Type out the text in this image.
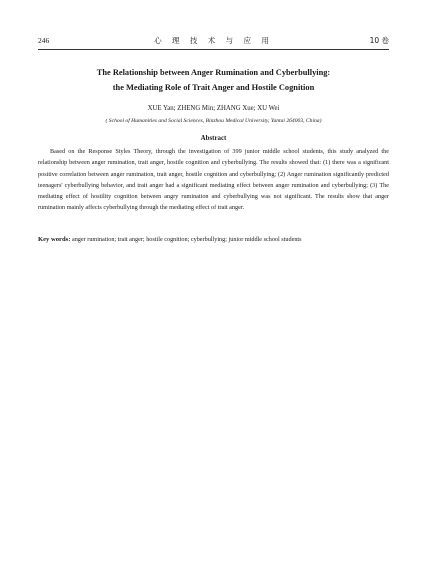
246	心 理 技 术 与 应 用	10 卷
The Relationship between Anger Rumination and Cyberbullying:
the Mediating Role of Trait Anger and Hostile Cognition
XUE Yan; ZHENG Min; ZHANG Xue; XU Wei
( School of Humanities and Social Sciences, Binzhou Medical University, Yantai 264003, China)
Abstract
Based on the Response Styles Theory, through the investigation of 399 junior middle school students, this study analyzed the relationship between anger rumination, trait anger, hostile cognition and cyberbullying. The results showed that: (1) there was a significant positive correlation between anger rumination, trait anger, hostile cognition and cyberbullying; (2) Anger rumination significantly predicted teenagers' cyberbullying behavior, and trait anger had a significant mediating effect between anger rumination and cyberbullying; (3) The mediating effect of hostility cognition between angry rumination and cyberbullying was not significant. The results show that anger rumination mainly affects cyberbullying through the mediating effect of trait anger.
Key words: anger rumination; trait anger; hostile cognition; cyberbullying; junior middle school students
